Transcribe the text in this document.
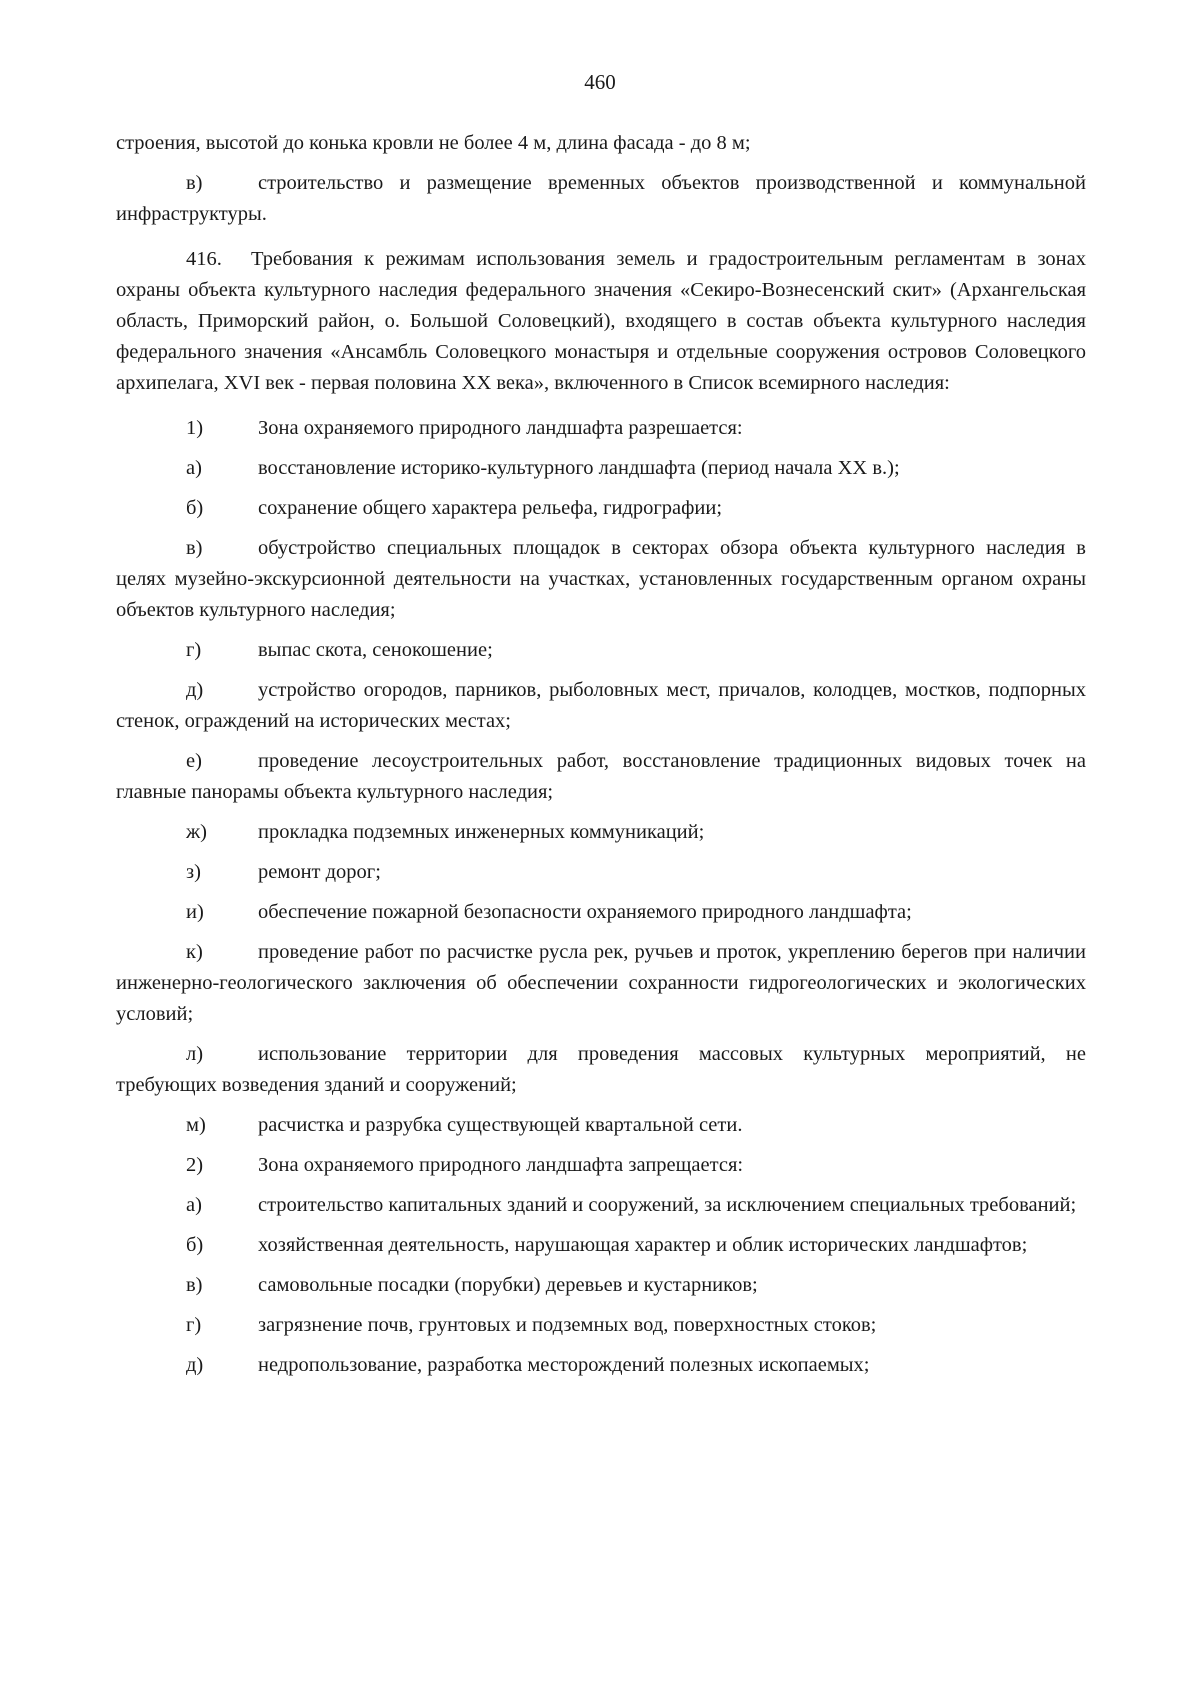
460

строения, высотой до конька кровли не более 4 м, длина фасада - до 8 м;

в)	строительство и размещение временных объектов производственной и коммунальной инфраструктуры.

416. Требования к режимам использования земель и градостроительным регламентам в зонах охраны объекта культурного наследия федерального значения «Секиро-Вознесенский скит» (Архангельская область, Приморский район, о. Большой Соловецкий), входящего в состав объекта культурного наследия федерального значения «Ансамбль Соловецкого монастыря и отдельные сооружения островов Соловецкого архипелага, XVI век - первая половина XX века», включенного в Список всемирного наследия:

1)	Зона охраняемого природного ландшафта разрешается:

а)	восстановление историко-культурного ландшафта (период начала XX в.);

б)	сохранение общего характера рельефа, гидрографии;

в)	обустройство специальных площадок в секторах обзора объекта культурного наследия в целях музейно-экскурсионной деятельности на участках, установленных государственным органом охраны объектов культурного наследия;

г)	выпас скота, сенокошение;

д)	устройство огородов, парников, рыболовных мест, причалов, колодцев, мостков, подпорных стенок, ограждений на исторических местах;

е)	проведение лесоустроительных работ, восстановление традиционных видовых точек на главные панорамы объекта культурного наследия;

ж) прокладка подземных инженерных коммуникаций;

з)	ремонт дорог;

и)	обеспечение пожарной безопасности охраняемого природного ландшафта;

к)	проведение работ по расчистке русла рек, ручьев и проток, укреплению берегов при наличии инженерно-геологического заключения об обеспечении сохранности гидрогеологических и экологических условий;

л)	использование территории для проведения массовых культурных мероприятий, не требующих возведения зданий и сооружений;

м)	расчистка и разрубка существующей квартальной сети.

2)	Зона охраняемого природного ландшафта запрещается:

а)	строительство капитальных зданий и сооружений, за исключением специальных требований;

б)	хозяйственная деятельность, нарушающая характер и облик исторических ландшафтов;

в)	самовольные посадки (порубки) деревьев и кустарников;

г)	загрязнение почв, грунтовых и подземных вод, поверхностных стоков;

д)	недропользование, разработка месторождений полезных ископаемых;
